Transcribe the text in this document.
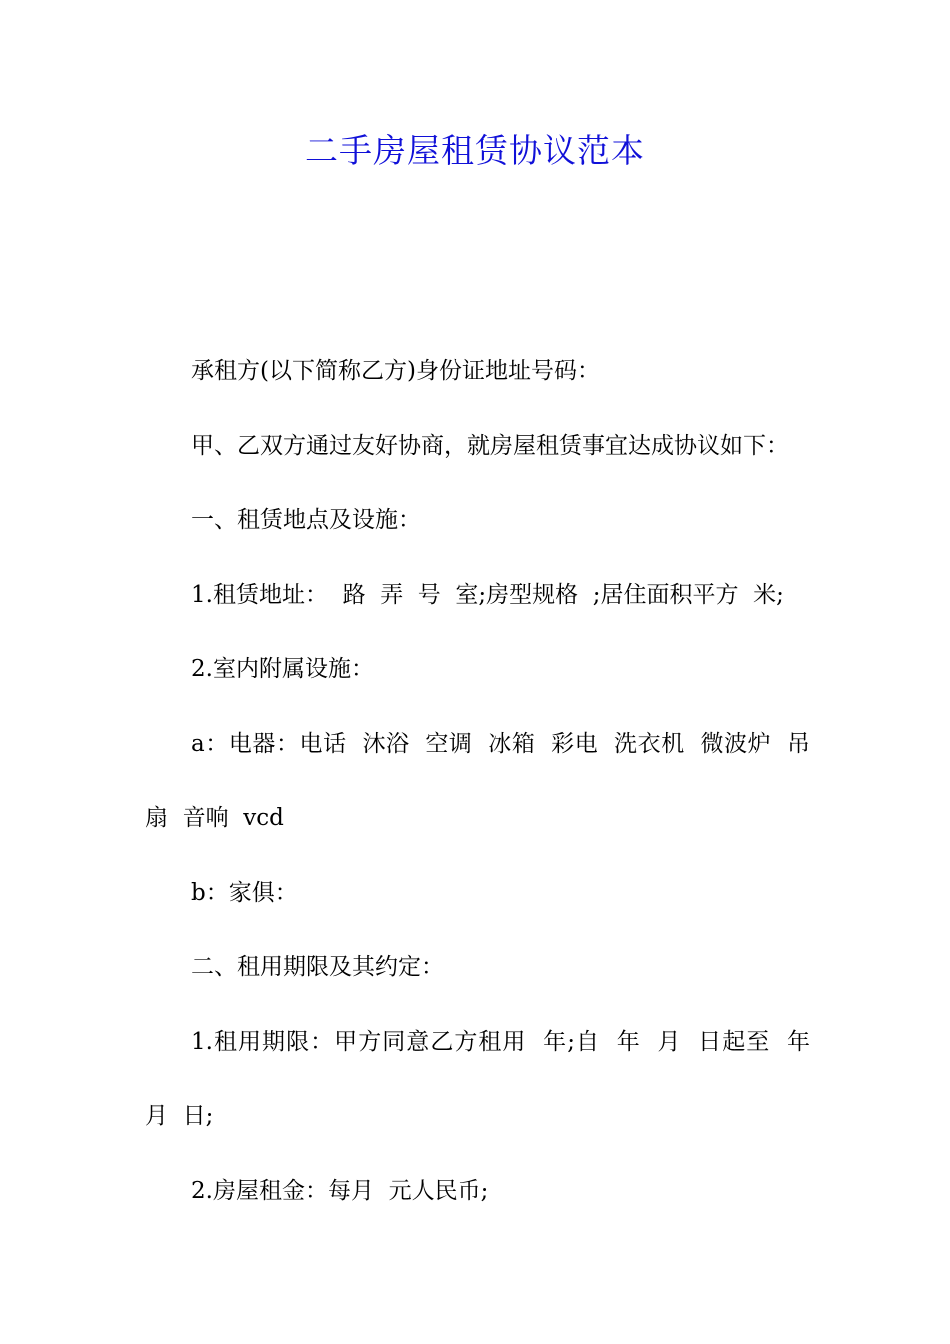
二手房屋租赁协议范本

承租方(以下简称乙方)身份证地址号码：

甲、乙双方通过友好协商，就房屋租赁事宜达成协议如下：

一、租赁地点及设施：

1.租赁地址：  路  弄  号  室;房型规格  ;居住面积平方  米;

2.室内附属设施：

a：电器：电话  沐浴  空调  冰箱  彩电  洗衣机  微波炉  吊扇  音响  vcd

b：家俱：

二、租用期限及其约定：

1.租用期限：甲方同意乙方租用  年;自  年  月  日起至  年  月  日;

2.房屋租金：每月  元人民币;
